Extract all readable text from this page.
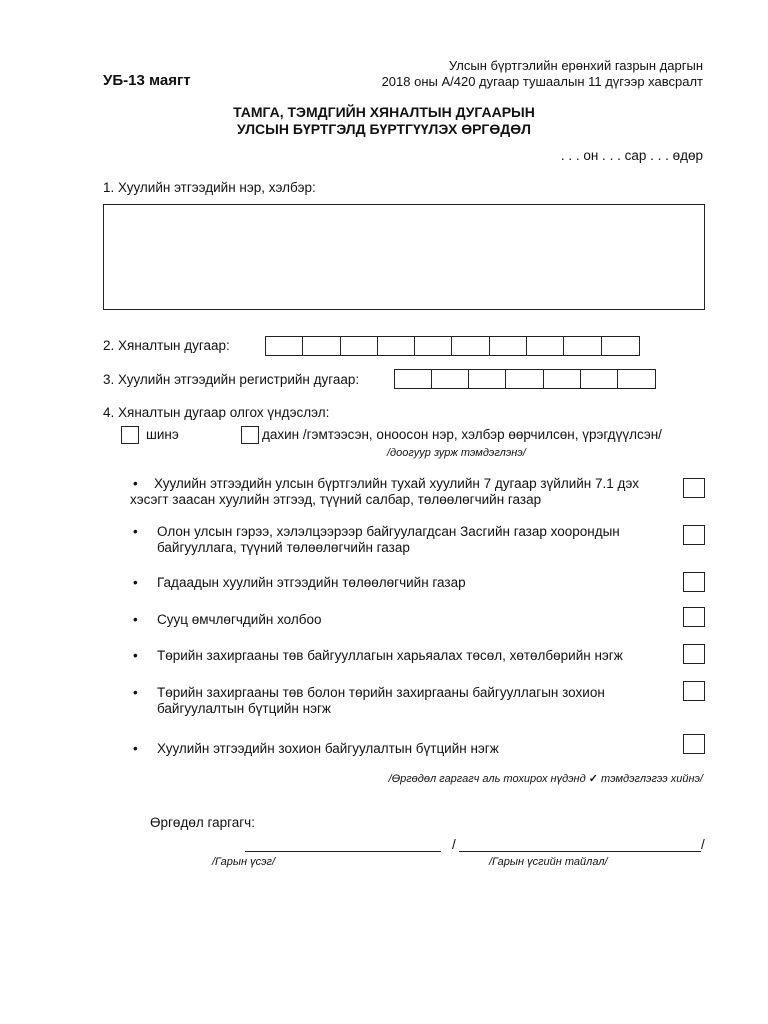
УБ-13 маягт
Улсын бүртгэлийн ерөнхий газрын даргын
2018 оны А/420 дугаар тушаалын 11 дүгээр хавсралт
ТАМГА, ТЭМДГИЙН ХЯНАЛТЫН ДУГААРЫН
УЛСЫН БҮРТГЭЛД БҮРТГҮҮЛЭХ ӨРГӨДӨЛ
. . . он . . . сар . . . өдөр
1. Хуулийн этгээдийн нэр, хэлбэр:
2. Хяналтын дугаар:
3. Хуулийн этгээдийн регистрийн дугаар:
4. Хяналтын дугаар олгох үндэслэл:
шинэ	дахин /гэмтээсэн, оноосон нэр, хэлбэр өөрчилсөн, үрэгдүүлсэн/
/доогуур зурж тэмдэглэнэ/
•	Хуулийн этгээдийн улсын бүртгэлийн тухай хуулийн 7 дугаар зүйлийн 7.1 дэх хэсэгт заасан хуулийн этгээд, түүний салбар, төлөөлөгчийн газар
•	Олон улсын гэрээ, хэлэлцээрээр байгуулагдсан Засгийн газар хоорондын байгууллага, түүний төлөөлөгчийн газар
•	Гадаадын хуулийн этгээдийн төлөөлөгчийн газар
•	Сууц өмчлөгчдийн холбоо
•	Төрийн захиргааны төв байгууллагын харьяалах төсөл, хөтөлбөрийн нэгж
•	Төрийн захиргааны төв болон төрийн захиргааны байгууллагын зохион байгуулалтын бүтцийн нэгж
•	Хуулийн этгээдийн зохион байгуулалтын бүтцийн нэгж
/Өргөдөл гаргагч аль тохирох нүдэнд ✓ тэмдэглэгээ хийнэ/
Өргөдөл гаргагч:
/	/
/Гарын үсэг/	/Гарын үсгийн тайлал/
